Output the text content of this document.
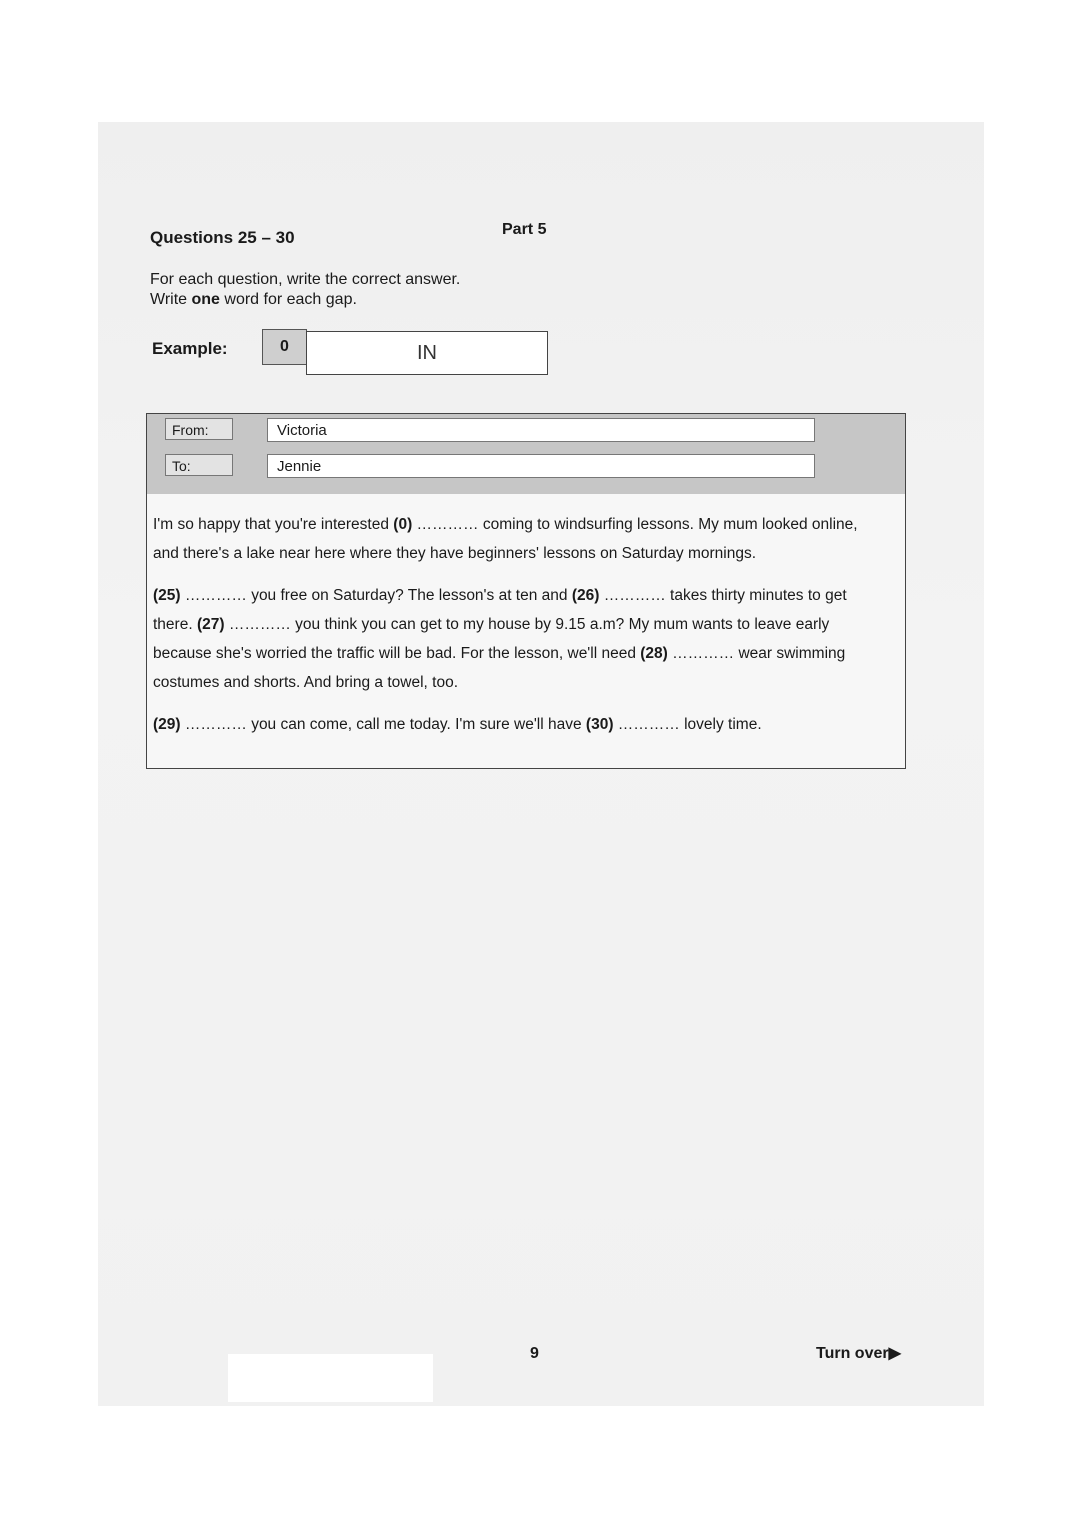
Part 5
Questions 25 – 30
For each question, write the correct answer.
Write one word for each gap.
Example:	0	IN
From:	Victoria
To:	Jennie

I'm so happy that you're interested (0) ………… coming to windsurfing lessons. My mum looked online, and there's a lake near here where they have beginners' lessons on Saturday mornings.

(25) ………… you free on Saturday? The lesson's at ten and (26) ………… takes thirty minutes to get there. (27) ………… you think you can get to my house by 9.15 a.m? My mum wants to leave early because she's worried the traffic will be bad. For the lesson, we'll need (28) ………… wear swimming costumes and shorts. And bring a towel, too.

(29) ………… you can come, call me today. I'm sure we'll have (30) ………… lovely time.

9	Turn over▶
